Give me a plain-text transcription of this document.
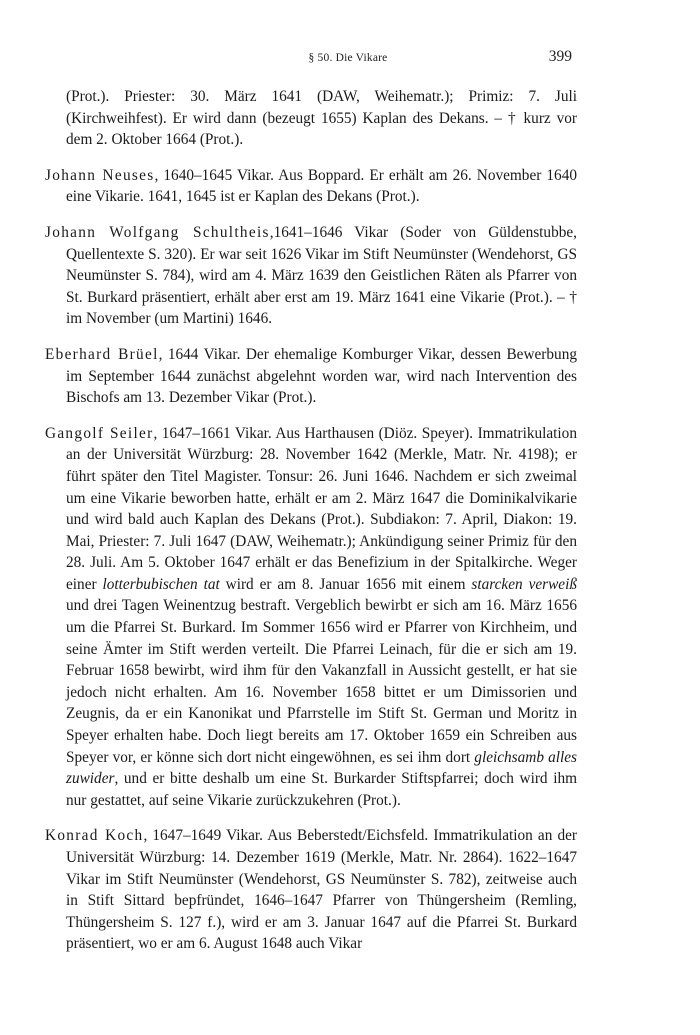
§ 50. Die Vikare	399

(Prot.). Priester: 30. März 1641 (DAW, Weihematr.); Primiz: 7. Juli (Kirchweihfest). Er wird dann (bezeugt 1655) Kaplan des Dekans. – † kurz vor dem 2. Oktober 1664 (Prot.).

Johann Neuses, 1640–1645 Vikar. Aus Boppard. Er erhält am 26. November 1640 eine Vikarie. 1641, 1645 ist er Kaplan des Dekans (Prot.).

Johann Wolfgang Schultheis,1641–1646 Vikar (Soder von Güldenstubbe, Quellentexte S. 320). Er war seit 1626 Vikar im Stift Neumünster (Wendehorst, GS Neumünster S. 784), wird am 4. März 1639 den Geistlichen Räten als Pfarrer von St. Burkard präsentiert, erhält aber erst am 19. März 1641 eine Vikarie (Prot.). – † im November (um Martini) 1646.

Eberhard Brüel, 1644 Vikar. Der ehemalige Komburger Vikar, dessen Bewerbung im September 1644 zunächst abgelehnt worden war, wird nach Intervention des Bischofs am 13. Dezember Vikar (Prot.).

Gangolf Seiler, 1647–1661 Vikar. Aus Harthausen (Diöz. Speyer). Immatrikulation an der Universität Würzburg: 28. November 1642 (Merkle, Matr. Nr. 4198); er führt später den Titel Magister. Tonsur: 26. Juni 1646. Nachdem er sich zweimal um eine Vikarie beworben hatte, erhält er am 2. März 1647 die Dominikalvikarie und wird bald auch Kaplan des Dekans (Prot.). Subdiakon: 7. April, Diakon: 19. Mai, Priester: 7. Juli 1647 (DAW, Weihematr.); Ankündigung seiner Primiz für den 28. Juli. Am 5. Oktober 1647 erhält er das Benefizium in der Spitalkirche. Weger einer lotterbubischen tat wird er am 8. Januar 1656 mit einem starcken verweiß und drei Tagen Weinentzug bestraft. Vergeblich bewirbt er sich am 16. März 1656 um die Pfarrei St. Burkard. Im Sommer 1656 wird er Pfarrer von Kirchheim, und seine Ämter im Stift werden verteilt. Die Pfarrei Leinach, für die er sich am 19. Februar 1658 bewirbt, wird ihm für den Vakanzfall in Aussicht gestellt, er hat sie jedoch nicht erhalten. Am 16. November 1658 bittet er um Dimissorien und Zeugnis, da er ein Kanonikat und Pfarrstelle im Stift St. German und Moritz in Speyer erhalten habe. Doch liegt bereits am 17. Oktober 1659 ein Schreiben aus Speyer vor, er könne sich dort nicht eingewöhnen, es sei ihm dort gleichsamb alles zuwider, und er bitte deshalb um eine St. Burkarder Stiftspfarrei; doch wird ihm nur gestattet, auf seine Vikarie zurückzukehren (Prot.).

Konrad Koch, 1647–1649 Vikar. Aus Beberstedt/Eichsfeld. Immatrikulation an der Universität Würzburg: 14. Dezember 1619 (Merkle, Matr. Nr. 2864). 1622–1647 Vikar im Stift Neumünster (Wendehorst, GS Neumünster S. 782), zeitweise auch in Stift Sittard bepfründet, 1646–1647 Pfarrer von Thüngersheim (Remling, Thüngersheim S. 127 f.), wird er am 3. Januar 1647 auf die Pfarrei St. Burkard präsentiert, wo er am 6. August 1648 auch Vikar
